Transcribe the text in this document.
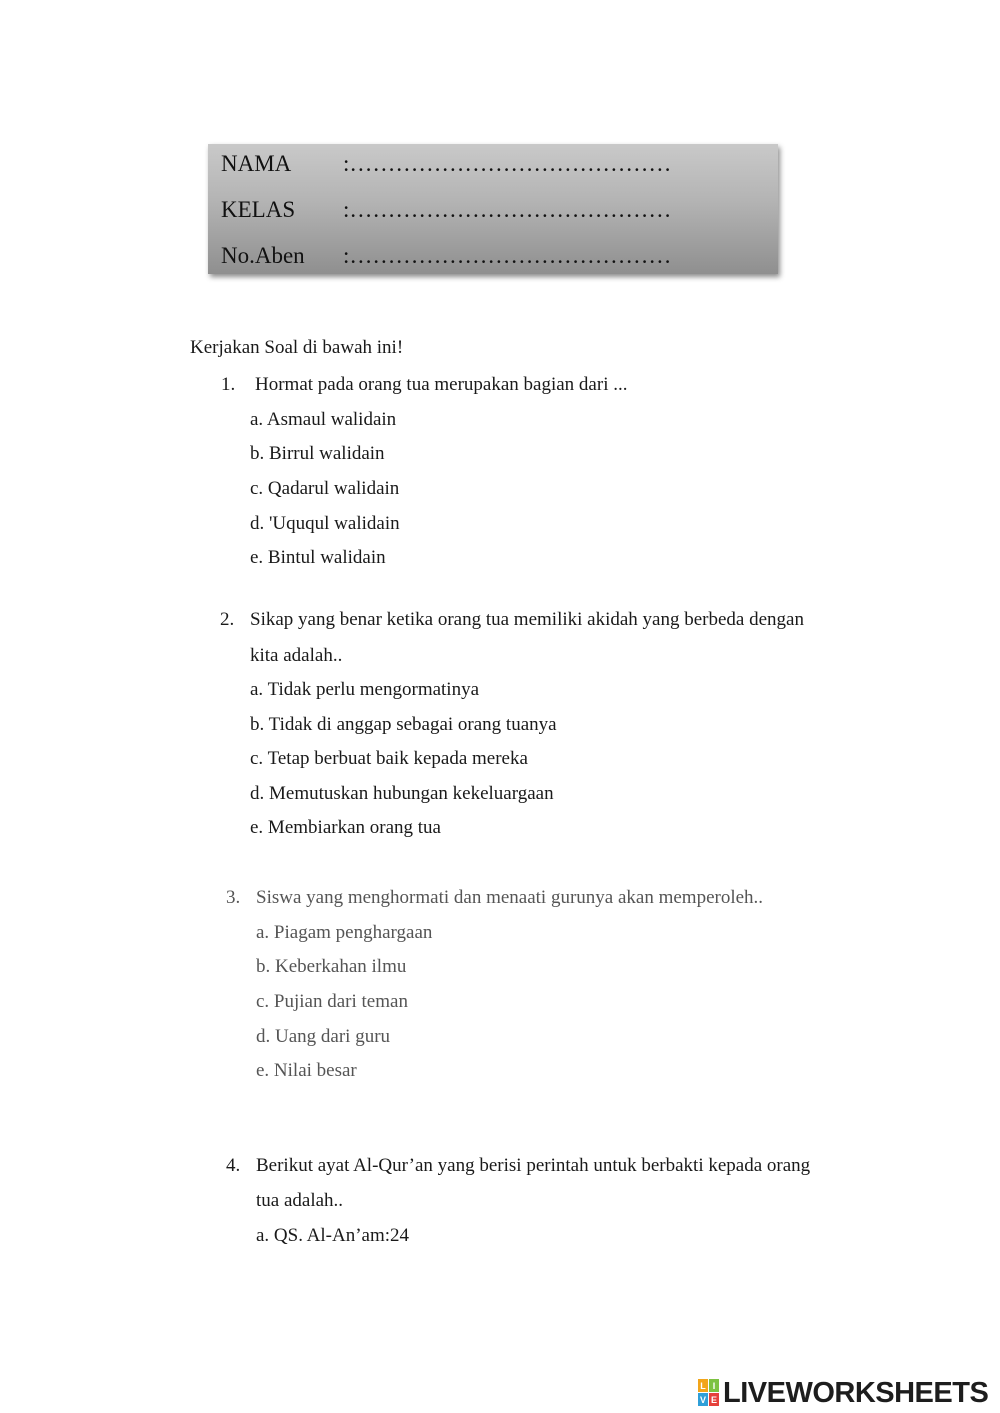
NAMA :……………………………………
KELAS :……………………………………
No.Aben :……………………………………
Kerjakan Soal di bawah ini!
1. Hormat pada orang tua merupakan bagian dari ...
a. Asmaul walidain
b. Birrul walidain
c. Qadarul walidain
d. 'Uququl walidain
e. Bintul walidain
2. Sikap yang benar ketika orang tua memiliki akidah yang berbeda dengan
kita adalah..
a. Tidak perlu mengormatinya
b. Tidak di anggap sebagai orang tuanya
c. Tetap berbuat baik kepada mereka
d. Memutuskan hubungan kekeluargaan
e. Membiarkan orang tua
3. Siswa yang menghormati dan menaati gurunya akan memperoleh..
a. Piagam penghargaan
b. Keberkahan ilmu
c. Pujian dari teman
d. Uang dari guru
e. Nilai besar
4. Berikut ayat Al-Qur’an yang berisi perintah untuk berbakti kepada orang
tua adalah..
a. QS. Al-An’am:24
L I
V E LIVEWORKSHEETS
